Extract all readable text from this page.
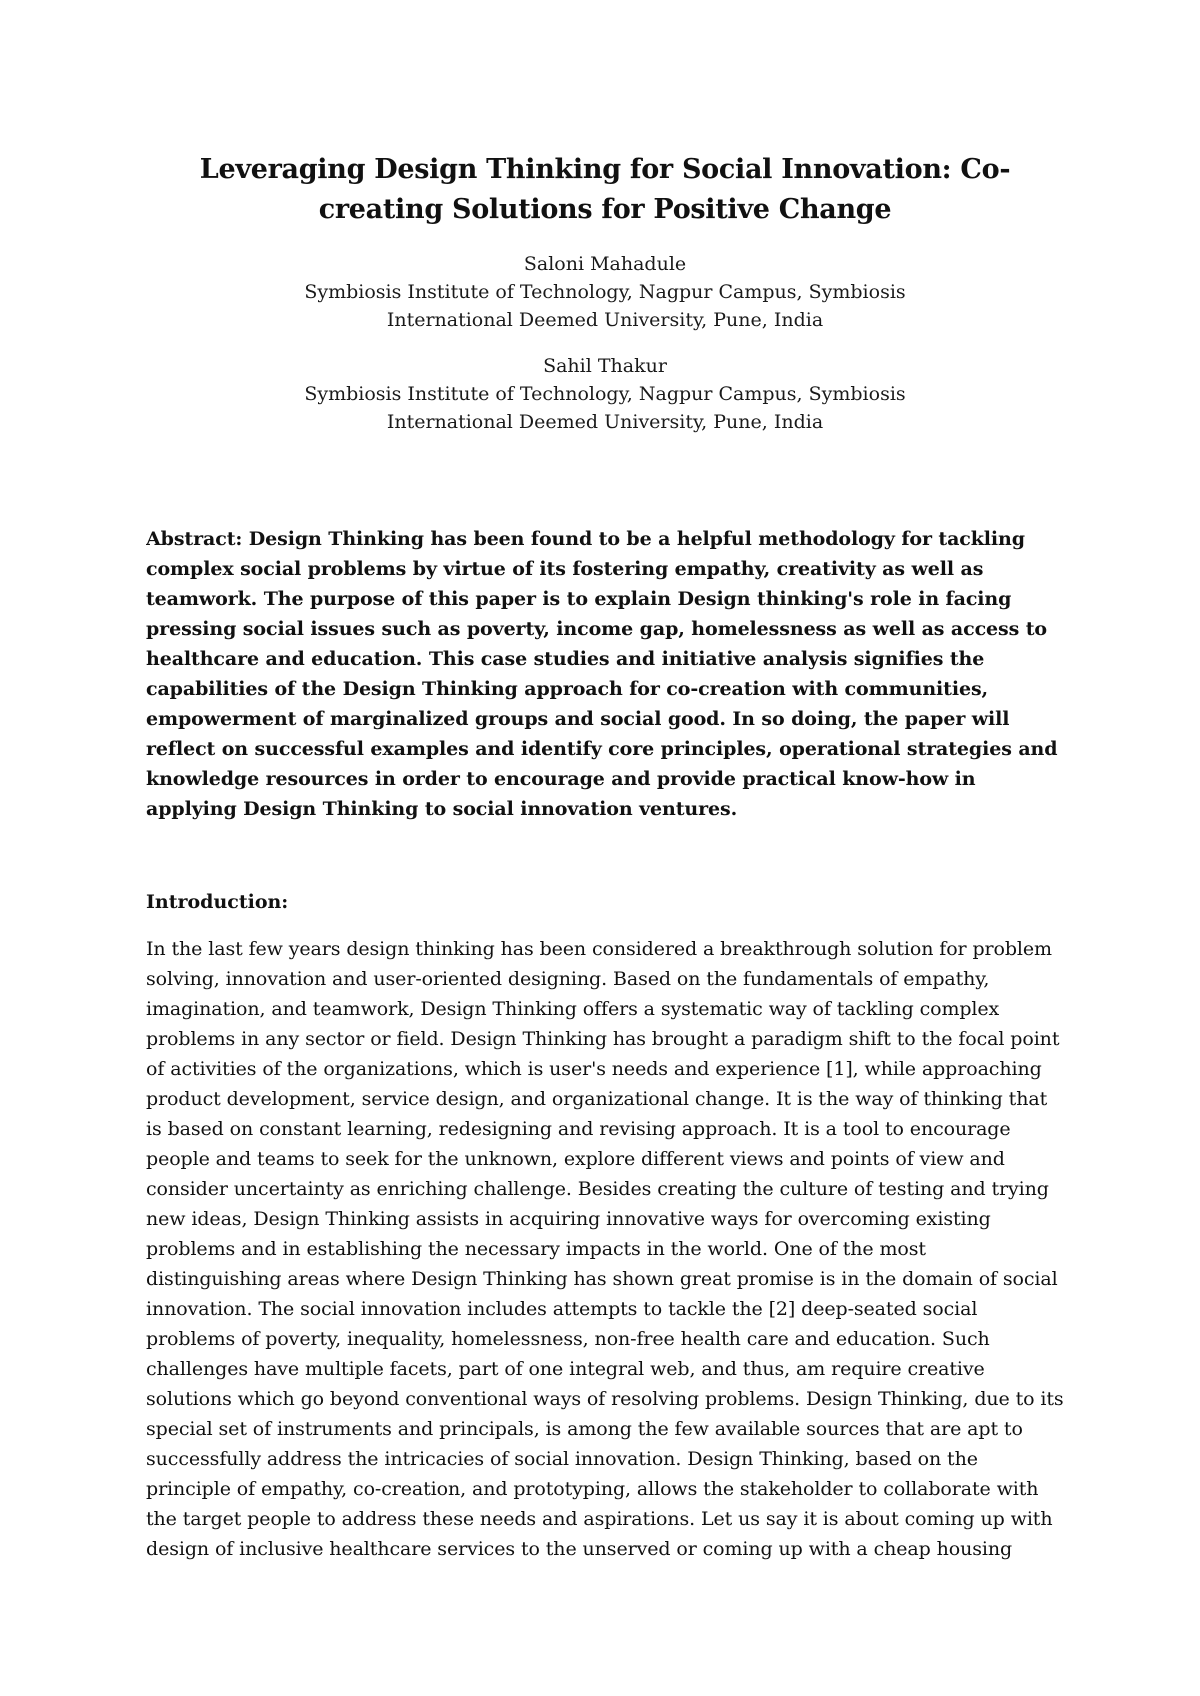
Leveraging Design Thinking for Social Innovation: Co-creating Solutions for Positive Change
Saloni Mahadule
Symbiosis Institute of Technology, Nagpur Campus, Symbiosis
International Deemed University, Pune, India
Sahil Thakur
Symbiosis Institute of Technology, Nagpur Campus, Symbiosis
International Deemed University, Pune, India
Abstract: Design Thinking has been found to be a helpful methodology for tackling complex social problems by virtue of its fostering empathy, creativity as well as teamwork. The purpose of this paper is to explain Design thinking's role in facing pressing social issues such as poverty, income gap, homelessness as well as access to healthcare and education. This case studies and initiative analysis signifies the capabilities of the Design Thinking approach for co-creation with communities, empowerment of marginalized groups and social good. In so doing, the paper will reflect on successful examples and identify core principles, operational strategies and knowledge resources in order to encourage and provide practical know-how in applying Design Thinking to social innovation ventures.
Introduction:
In the last few years design thinking has been considered a breakthrough solution for problem solving, innovation and user-oriented designing. Based on the fundamentals of empathy, imagination, and teamwork, Design Thinking offers a systematic way of tackling complex problems in any sector or field. Design Thinking has brought a paradigm shift to the focal point of activities of the organizations, which is user's needs and experience [1], while approaching product development, service design, and organizational change. It is the way of thinking that is based on constant learning, redesigning and revising approach. It is a tool to encourage people and teams to seek for the unknown, explore different views and points of view and consider uncertainty as enriching challenge. Besides creating the culture of testing and trying new ideas, Design Thinking assists in acquiring innovative ways for overcoming existing problems and in establishing the necessary impacts in the world. One of the most distinguishing areas where Design Thinking has shown great promise is in the domain of social innovation. The social innovation includes attempts to tackle the [2] deep-seated social problems of poverty, inequality, homelessness, non-free health care and education. Such challenges have multiple facets, part of one integral web, and thus, am require creative solutions which go beyond conventional ways of resolving problems. Design Thinking, due to its special set of instruments and principals, is among the few available sources that are apt to successfully address the intricacies of social innovation. Design Thinking, based on the principle of empathy, co-creation, and prototyping, allows the stakeholder to collaborate with the target people to address these needs and aspirations. Let us say it is about coming up with design of inclusive healthcare services to the unserved or coming up with a cheap housing
